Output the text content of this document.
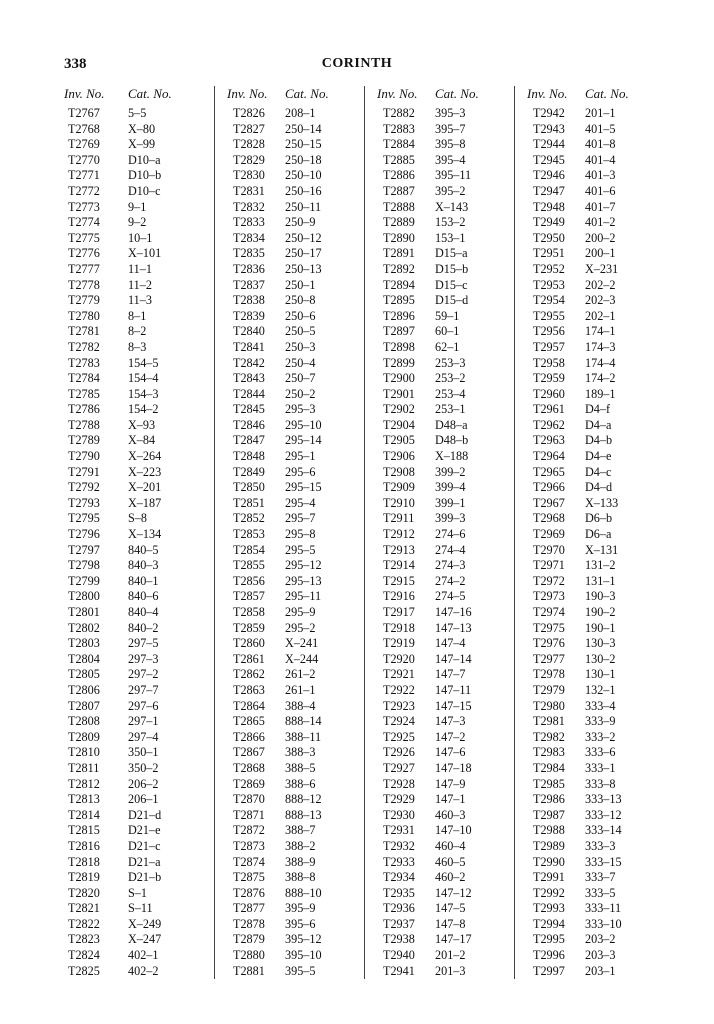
338	CORINTH
Inv. No.	Cat. No.
T2767	5–5
T2768	X–80
T2769	X–99
T2770	D10–a
T2771	D10–b
T2772	D10–c
T2773	9–1
T2774	9–2
T2775	10–1
T2776	X–101
T2777	11–1
T2778	11–2
T2779	11–3
T2780	8–1
T2781	8–2
T2782	8–3
T2783	154–5
T2784	154–4
T2785	154–3
T2786	154–2
T2788	X–93
T2789	X–84
T2790	X–264
T2791	X–223
T2792	X–201
T2793	X–187
T2795	S–8
T2796	X–134
T2797	840–5
T2798	840–3
T2799	840–1
T2800	840–6
T2801	840–4
T2802	840–2
T2803	297–5
T2804	297–3
T2805	297–2
T2806	297–7
T2807	297–6
T2808	297–1
T2809	297–4
T2810	350–1
T2811	350–2
T2812	206–2
T2813	206–1
T2814	D21–d
T2815	D21–e
T2816	D21–c
T2818	D21–a
T2819	D21–b
T2820	S–1
T2821	S–11
T2822	X–249
T2823	X–247
T2824	402–1
T2825	402–2
Inv. No.	Cat. No.
T2826	208–1
T2827	250–14
T2828	250–15
T2829	250–18
T2830	250–10
T2831	250–16
T2832	250–11
T2833	250–9
T2834	250–12
T2835	250–17
T2836	250–13
T2837	250–1
T2838	250–8
T2839	250–6
T2840	250–5
T2841	250–3
T2842	250–4
T2843	250–7
T2844	250–2
T2845	295–3
T2846	295–10
T2847	295–14
T2848	295–1
T2849	295–6
T2850	295–15
T2851	295–4
T2852	295–7
T2853	295–8
T2854	295–5
T2855	295–12
T2856	295–13
T2857	295–11
T2858	295–9
T2859	295–2
T2860	X–241
T2861	X–244
T2862	261–2
T2863	261–1
T2864	388–4
T2865	888–14
T2866	388–11
T2867	388–3
T2868	388–5
T2869	388–6
T2870	888–12
T2871	888–13
T2872	388–7
T2873	388–2
T2874	388–9
T2875	388–8
T2876	888–10
T2877	395–9
T2878	395–6
T2879	395–12
T2880	395–10
T2881	395–5
Inv. No.	Cat. No.
T2882	395–3
T2883	395–7
T2884	395–8
T2885	395–4
T2886	395–11
T2887	395–2
T2888	X–143
T2889	153–2
T2890	153–1
T2891	D15–a
T2892	D15–b
T2894	D15–c
T2895	D15–d
T2896	59–1
T2897	60–1
T2898	62–1
T2899	253–3
T2900	253–2
T2901	253–4
T2902	253–1
T2904	D48–a
T2905	D48–b
T2906	X–188
T2908	399–2
T2909	399–4
T2910	399–1
T2911	399–3
T2912	274–6
T2913	274–4
T2914	274–3
T2915	274–2
T2916	274–5
T2917	147–16
T2918	147–13
T2919	147–4
T2920	147–14
T2921	147–7
T2922	147–11
T2923	147–15
T2924	147–3
T2925	147–2
T2926	147–6
T2927	147–18
T2928	147–9
T2929	147–1
T2930	460–3
T2931	147–10
T2932	460–4
T2933	460–5
T2934	460–2
T2935	147–12
T2936	147–5
T2937	147–8
T2938	147–17
T2940	201–2
T2941	201–3
Inv. No.	Cat. No.
T2942	201–1
T2943	401–5
T2944	401–8
T2945	401–4
T2946	401–3
T2947	401–6
T2948	401–7
T2949	401–2
T2950	200–2
T2951	200–1
T2952	X–231
T2953	202–2
T2954	202–3
T2955	202–1
T2956	174–1
T2957	174–3
T2958	174–4
T2959	174–2
T2960	189–1
T2961	D4–f
T2962	D4–a
T2963	D4–b
T2964	D4–e
T2965	D4–c
T2966	D4–d
T2967	X–133
T2968	D6–b
T2969	D6–a
T2970	X–131
T2971	131–2
T2972	131–1
T2973	190–3
T2974	190–2
T2975	190–1
T2976	130–3
T2977	130–2
T2978	130–1
T2979	132–1
T2980	333–4
T2981	333–9
T2982	333–2
T2983	333–6
T2984	333–1
T2985	333–8
T2986	333–13
T2987	333–12
T2988	333–14
T2989	333–3
T2990	333–15
T2991	333–7
T2992	333–5
T2993	333–11
T2994	333–10
T2995	203–2
T2996	203–3
T2997	203–1
